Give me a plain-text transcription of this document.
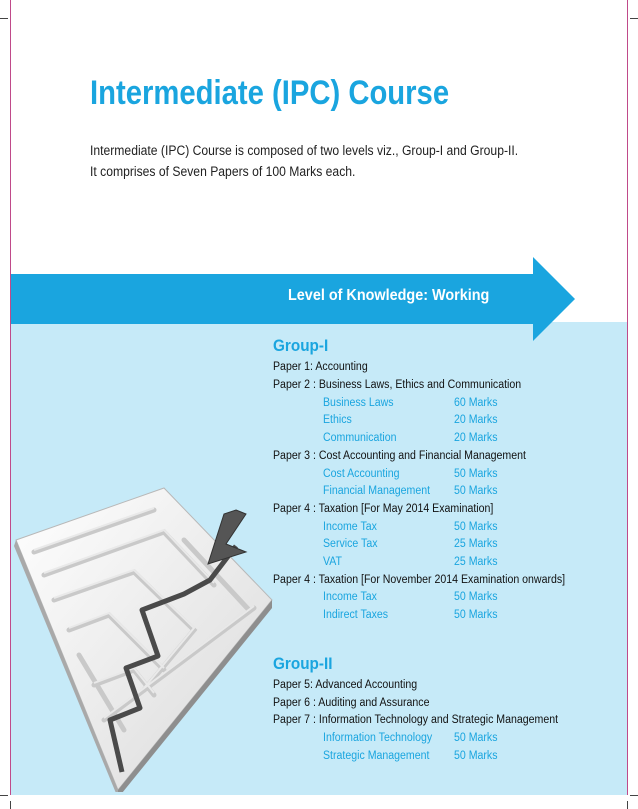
Intermediate (IPC) Course
Intermediate (IPC) Course is composed of two levels viz., Group-I and Group-II.
It comprises of Seven Papers of 100 Marks each.
Level of Knowledge: Working
Group-I
Paper 1: Accounting
Paper 2 : Business Laws, Ethics and Communication
Business Laws	60 Marks
Ethics	20 Marks
Communication	20 Marks
Paper 3 : Cost Accounting and Financial Management
Cost Accounting	50 Marks
Financial Management 50 Marks
Paper 4 : Taxation [For May 2014 Examination]
Income Tax	50 Marks
Service Tax	25 Marks
VAT	25 Marks
Paper 4 : Taxation [For November 2014 Examination onwards]
Income Tax	50 Marks
Indirect Taxes	50 Marks
Group-II
Paper 5: Advanced Accounting
Paper 6 : Auditing and Assurance
Paper 7 : Information Technology and Strategic Management
Information Technology 50 Marks
Strategic Management 50 Marks
